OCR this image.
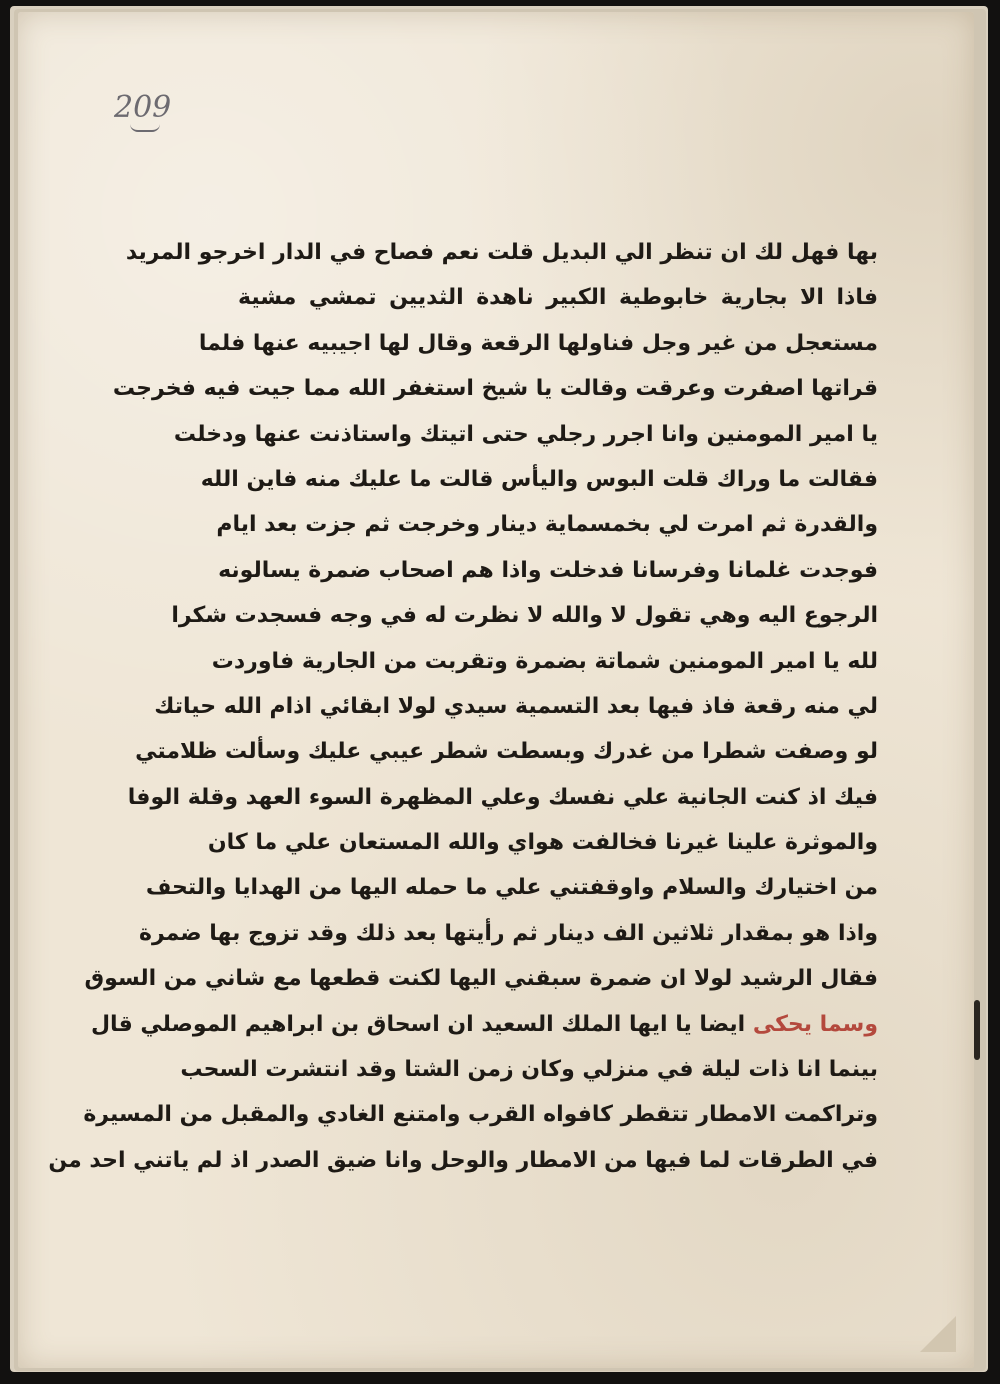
209
بها فهل لك ان تنظر الي البديل قلت نعم فصاح في الدار اخرجو المريد
فاذا الا بجارية خابوطية الكبير ناهدة الثديين تمشي مشية
مستعجل من غير وجل فناولها الرقعة وقال لها اجيبيه عنها فلما
قراتها اصفرت وعرقت وقالت يا شيخ استغفر الله مما جيت فيه فخرجت
يا امير المومنين وانا اجرر رجلي حتى اتيتك واستاذنت عنها ودخلت
فقالت ما وراك قلت البوس واليأس قالت ما عليك منه فاين الله
والقدرة ثم امرت لي بخمسماية دينار وخرجت ثم جزت بعد ايام
فوجدت غلمانا وفرسانا فدخلت واذا هم اصحاب ضمرة يسالونه
الرجوع اليه وهي تقول لا والله لا نظرت له في وجه فسجدت شكرا
لله يا امير المومنين شماتة بضمرة وتقربت من الجارية فاوردت
لي منه رقعة فاذ فيها بعد التسمية سيدي لولا ابقائي اذام الله حياتك
لو وصفت شطرا من غدرك وبسطت شطر عيبي عليك وسألت ظلامتي
فيك اذ كنت الجانية علي نفسك وعلي المظهرة السوء العهد وقلة الوفا
والموثرة علينا غيرنا فخالفت هواي والله المستعان علي ما كان
من اختيارك والسلام واوقفتني علي ما حمله اليها من الهدايا والتحف
واذا هو بمقدار ثلاثين الف دينار ثم رأيتها بعد ذلك وقد تزوج بها ضمرة
فقال الرشيد لولا ان ضمرة سبقني اليها لكنت قطعها مع شاني من السوق
وسما يحكى ايضا يا ايها الملك السعيد ان اسحاق بن ابراهيم الموصلي قال
بينما انا ذات ليلة في منزلي وكان زمن الشتا وقد انتشرت السحب
وتراكمت الامطار تتقطر كافواه القرب وامتنع الغادي والمقبل من المسيرة
في الطرقات لما فيها من الامطار والوحل وانا ضيق الصدر اذ لم ياتني احد من
